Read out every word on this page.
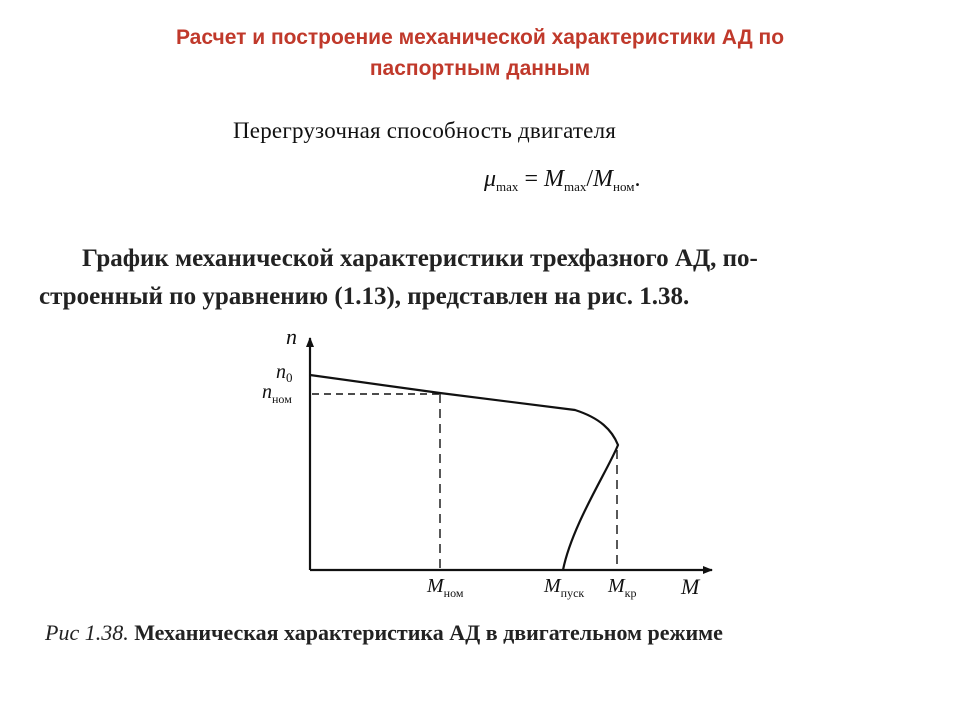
Расчет и построение механической характеристики АД по
паспортным данным
Перегрузочная способность двигателя
$\mu_{max} = M_{max}/M_{ном}$.
График механической характеристики трехфазного АД, по-
строенный по уравнению (1.13), представлен на рис. 1.38.
n
$n_0$
$n_{ном}$
$M_{ном}$	$M_{пуск}$ $M_{кр}$ M
Рис 1.38. Механическая характеристика АД в двигательном режиме
